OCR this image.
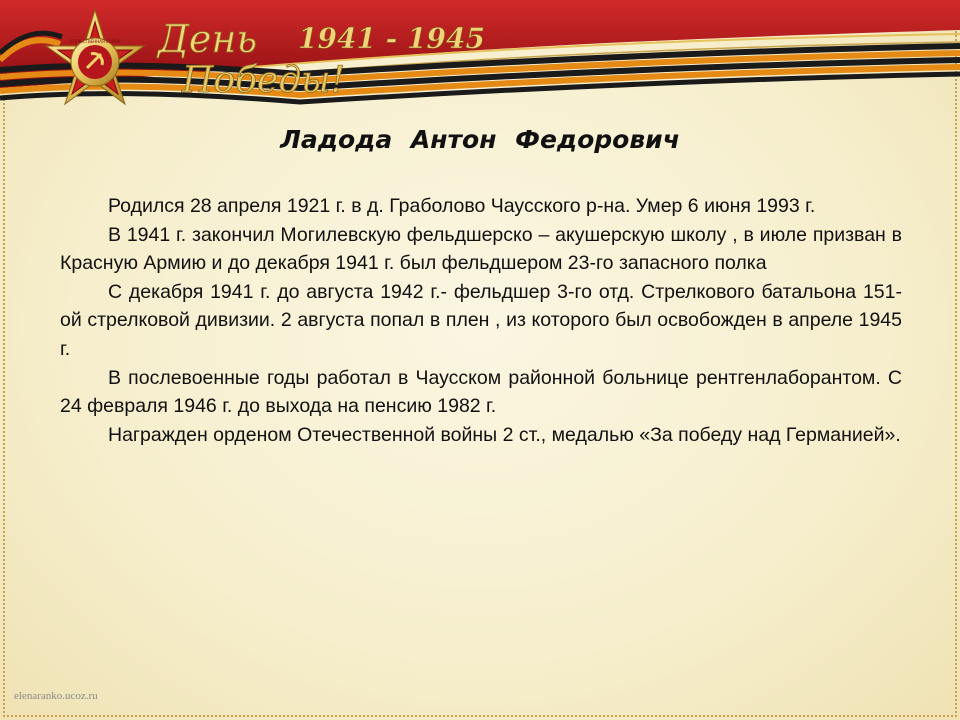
ОТЕЧЕСТВЕННАЯ ВОЙНА День
Победы!
1941 - 1945
Ладода Антон Федорович

Родился 28 апреля 1921 г. в д. Граболово Чаусского р-на. Умер 6 июня 1993 г.

В 1941 г. закончил Могилевскую фельдшерско – акушерскую школу , в июле призван в Красную Армию и до декабря 1941 г. был фельдшером 23-го запасного полка

С декабря 1941 г. до августа 1942 г.- фельдшер 3-го отд. Стрелкового батальона 151-ой стрелковой дивизии. 2 августа попал в плен , из которого был освобожден в апреле 1945 г.

В послевоенные годы работал в Чаусском районной больнице рентгенлаборантом. С 24 февраля 1946 г. до выхода на пенсию 1982 г.

Награжден орденом Отечественной войны 2 ст., медалью «За победу над Германией».

elenaranko.ucoz.ru
